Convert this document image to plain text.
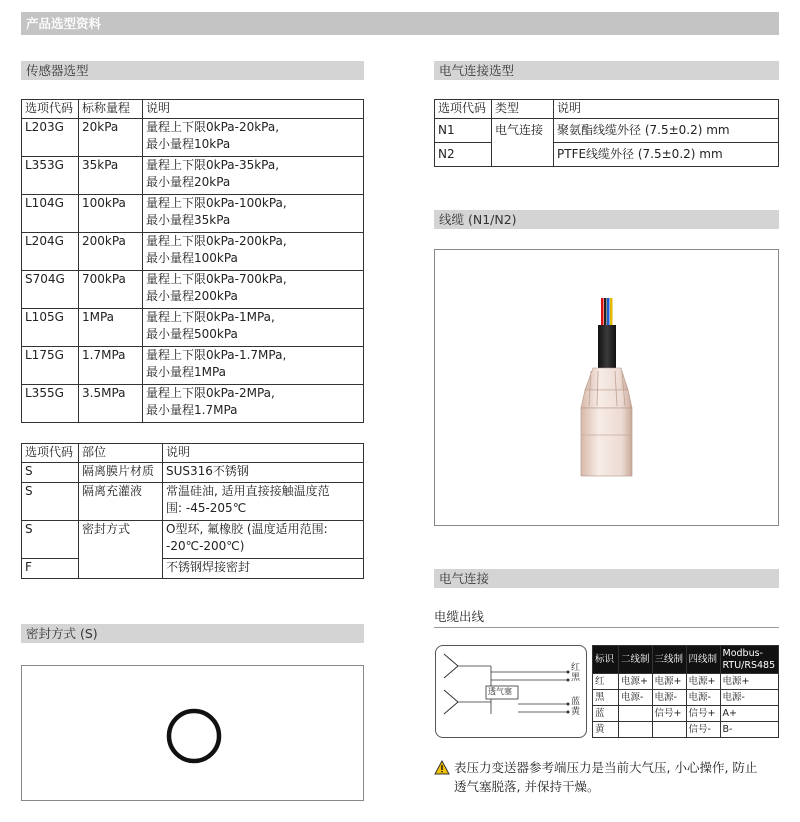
产品选型资料
传感器选型
选项代码	标称量程	说明
L203G	20kPa	量程上下限0kPa-20kPa,
最小量程10kPa

L353G	35kPa	量程上下限0kPa-35kPa,
最小量程20kPa

L104G	100kPa	量程上下限0kPa-100kPa,
最小量程35kPa

L204G	200kPa	量程上下限0kPa-200kPa,
最小量程100kPa

S704G	700kPa	量程上下限0kPa-700kPa,
最小量程200kPa

L105G	1MPa	量程上下限0kPa-1MPa,
最小量程500kPa

L175G	1.7MPa	量程上下限0kPa-1.7MPa,
最小量程1MPa

L355G	3.5MPa	量程上下限0kPa-2MPa,
最小量程1.7MPa
选项代码	部位	说明
S	隔离膜片材质	SUS316不锈钢

S	隔离充灌液	常温硅油, 适用直接接触温度范
围: -45-205℃

S	密封方式	O型环, 氟橡胶 (温度适用范围:
-20℃-200℃)

F		不锈钢焊接密封
密封方式 (S)
电气连接选型
选项代码	类型	说明
N1	电气连接	聚氨酯线缆外径 (7.5±0.2) mm
N2		PTFE线缆外径 (7.5±0.2) mm
线缆 (N1/N2)
电气连接
电缆出线
透气塞
红
黑
蓝
黄
标识	二线制	三线制	四线制	Modbus-
RTU/RS485
红	电源+	电源+	电源+	电源+
黑	电源-	电源-	电源-	电源-
蓝		信号+	信号+	A+
黄			信号-	B-
表压力变送器参考端压力是当前大气压, 小心操作, 防止
透气塞脱落, 并保持干燥。
